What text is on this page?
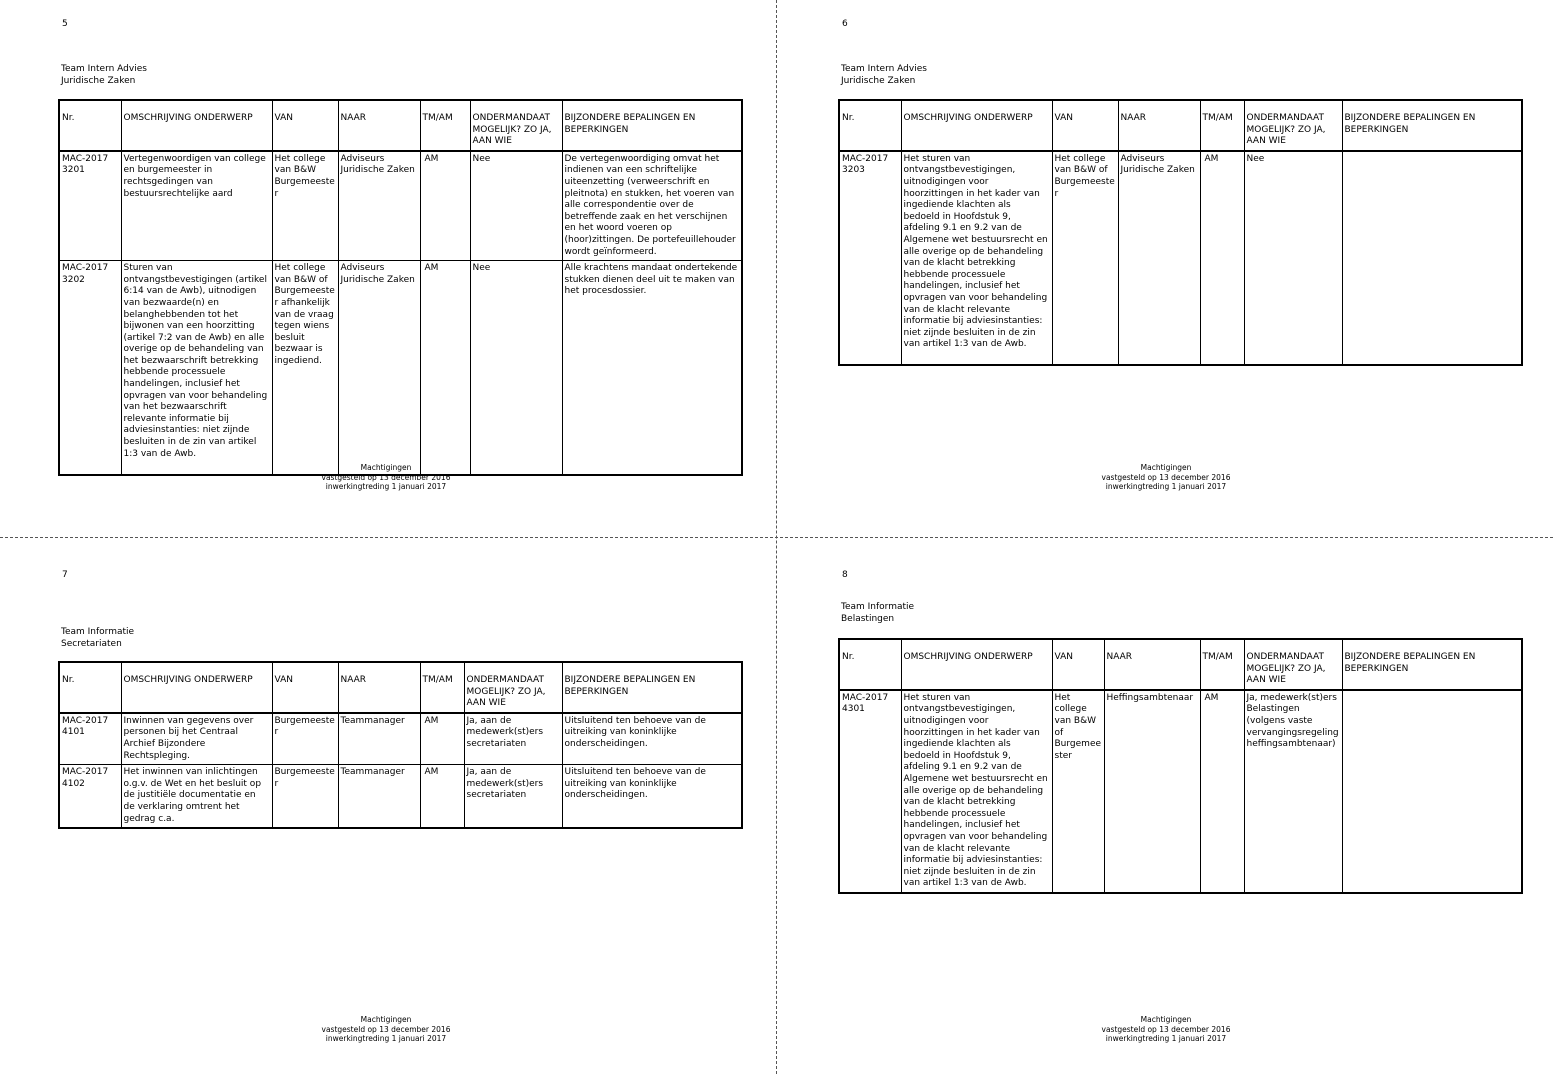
5
Team Intern Advies
Juridische Zaken
Nr.	OMSCHRIJVING ONDERWERP	VAN	NAAR	TM/AM	ONDERMANDAAT MOGELIJK? ZO JA, AAN WIE	BIJZONDERE BEPALINGEN EN BEPERKINGEN
MAC-2017 3201	Vertegenwoordigen van college en burgemeester in rechtsgedingen van bestuursrechtelijke aard	Het college van B&W Burgemeester	Adviseurs Juridische Zaken	AM	Nee	De vertegenwoordiging omvat het indienen van een schriftelijke uiteenzetting (verweerschrift en pleitnota) en stukken, het voeren van alle correspondentie over de betreffende zaak en het verschijnen en het woord voeren op (hoor)zittingen. De portefeuillehouder wordt geïnformeerd.
MAC-2017 3202	Sturen van ontvangstbevestigingen (artikel 6:14 van de Awb), uitnodigen van bezwaarde(n) en belanghebbenden tot het bijwonen van een hoorzitting (artikel 7:2 van de Awb) en alle overige op de behandeling van het bezwaarschrift betrekking hebbende processuele handelingen, inclusief het opvragen van voor behandeling van het bezwaarschrift relevante informatie bij adviesinstanties: niet zijnde besluiten in de zin van artikel 1:3 van de Awb.	Het college van B&W of Burgemeester afhankelijk van de vraag tegen wiens besluit bezwaar is ingediend.	Adviseurs Juridische Zaken	AM	Nee	Alle krachtens mandaat ondertekende stukken dienen deel uit te maken van het procesdossier.
Machtigingen
vastgesteld op 13 december 2016
inwerkingtreding 1 januari 2017
6
Team Intern Advies
Juridische Zaken
Nr.	OMSCHRIJVING ONDERWERP	VAN	NAAR	TM/AM	ONDERMANDAAT MOGELIJK? ZO JA, AAN WIE	BIJZONDERE BEPALINGEN EN BEPERKINGEN
MAC-2017 3203	Het sturen van ontvangstbevestigingen, uitnodigingen voor hoorzittingen in het kader van ingediende klachten als bedoeld in Hoofdstuk 9, afdeling 9.1 en 9.2 van de Algemene wet bestuursrecht en alle overige op de behandeling van de klacht betrekking hebbende processuele handelingen, inclusief het opvragen van voor behandeling van de klacht relevante informatie bij adviesinstanties: niet zijnde besluiten in de zin van artikel 1:3 van de Awb.	Het college van B&W of Burgemeester	Adviseurs Juridische Zaken	AM	Nee	
Machtigingen
vastgesteld op 13 december 2016
inwerkingtreding 1 januari 2017
7
Team Informatie
Secretariaten
Nr.	OMSCHRIJVING ONDERWERP	VAN	NAAR	TM/AM	ONDERMANDAAT MOGELIJK? ZO JA, AAN WIE	BIJZONDERE BEPALINGEN EN BEPERKINGEN
MAC-2017 4101	Inwinnen van gegevens over personen bij het Centraal Archief Bijzondere Rechtspleging.	Burgemeester	Teammanager	AM	Ja, aan de medewerk(st)ers secretariaten	Uitsluitend ten behoeve van de uitreiking van koninklijke onderscheidingen.
MAC-2017 4102	Het inwinnen van inlichtingen o.g.v. de Wet en het besluit op de justitiële documentatie en de verklaring omtrent het gedrag c.a.	Burgemeester	Teammanager	AM	Ja, aan de medewerk(st)ers secretariaten	Uitsluitend ten behoeve van de uitreiking van koninklijke onderscheidingen.
Machtigingen
vastgesteld op 13 december 2016
inwerkingtreding 1 januari 2017
8
Team Informatie
Belastingen
Nr.	OMSCHRIJVING ONDERWERP	VAN	NAAR	TM/AM	ONDERMANDAAT MOGELIJK? ZO JA, AAN WIE	BIJZONDERE BEPALINGEN EN BEPERKINGEN
MAC-2017 4301	Het sturen van ontvangstbevestigingen, uitnodigingen voor hoorzittingen in het kader van ingediende klachten als bedoeld in Hoofdstuk 9, afdeling 9.1 en 9.2 van de Algemene wet bestuursrecht en alle overige op de behandeling van de klacht betrekking hebbende processuele handelingen, inclusief het opvragen van voor behandeling van de klacht relevante informatie bij adviesinstanties: niet zijnde besluiten in de zin van artikel 1:3 van de Awb.	Het college van B&W of Burgemeester	Heffingsambtenaar	AM	Ja, medewerk(st)ers Belastingen (volgens vaste vervangingsregeling heffingsambtenaar)	
Machtigingen
vastgesteld op 13 december 2016
inwerkingtreding 1 januari 2017
